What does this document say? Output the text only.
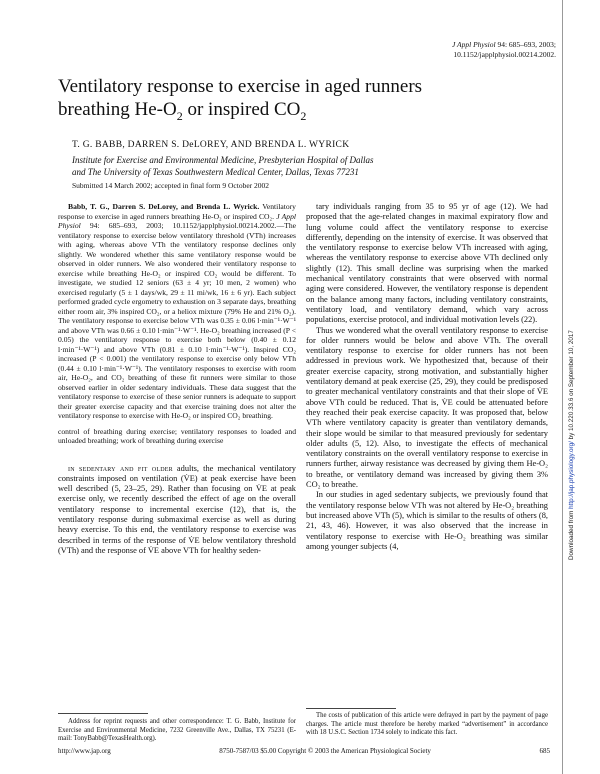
J Appl Physiol 94: 685–693, 2003;
10.1152/japplphysiol.00214.2002.
Ventilatory response to exercise in aged runners
breathing $He-O_2$ or inspired $CO_2$
T. G. BABB, DARREN S. DeLOREY, AND BRENDA L. WYRICK
Institute for Exercise and Environmental Medicine, Presbyterian Hospital of Dallas
and The University of Texas Southwestern Medical Center, Dallas, Texas 77231
Submitted 14 March 2002; accepted in final form 9 October 2002

Babb, T. G., Darren S. DeLorey, and Brenda L. Wyrick. Ventilatory response to exercise in aged runners breathing He-O₂ or inspired CO₂. J Appl Physiol 94: 685–693, 2003; 10.1152/japplphysiol.00214.2002.—The ventilatory response to exercise below ventilatory threshold (VTh) increases with aging, whereas above VTh the ventilatory response declines only slightly. We wondered whether this same ventilatory response would be observed in older runners. We also wondered their ventilatory response to exercise while breathing He-O₂ or inspired CO₂ would be different. To investigate, we studied 12 seniors (63 ± 4 yr; 10 men, 2 women) who exercised regularly (5 ± 1 days/wk, 29 ± 11 mi/wk, 16 ± 6 yr). Each subject performed graded cycle ergometry to exhaustion on 3 separate days, breathing either room air, 3% inspired CO₂, or a heliox mixture (79% He and 21% O₂). The ventilatory response to exercise below VTh was 0.35 ± 0.06 l·min⁻¹·W⁻¹ and above VTh was 0.66 ± 0.10 l·min⁻¹·W⁻¹. He-O₂ breathing increased (P < 0.05) the ventilatory response to exercise both below (0.40 ± 0.12 l·min⁻¹·W⁻¹) and above VTh (0.81 ± 0.10 l·min⁻¹·W⁻¹). Inspired CO₂ increased (P < 0.001) the ventilatory response to exercise only below VTh (0.44 ± 0.10 l·min⁻¹·W⁻¹). The ventilatory responses to exercise with room air, He-O₂, and CO₂ breathing of these fit runners were similar to those observed earlier in older sedentary individuals. These data suggest that the ventilatory response to exercise of these senior runners is adequate to support their greater exercise capacity and that exercise training does not alter the ventilatory response to exercise with He-O₂ or inspired CO₂ breathing.

control of breathing during exercise; ventilatory responses to loaded and unloaded breathing; work of breathing during exercise

in sedentary and fit older adults, the mechanical ventilatory constraints imposed on ventilation (V̇E) at peak exercise have been well described (5, 23–25, 29). Rather than focusing on V̇E at peak exercise only, we recently described the effect of age on the overall ventilatory response to incremental exercise (12), that is, the ventilatory response during submaximal exercise as well as during heavy exercise. To this end, the ventilatory response to exercise was described in terms of the response of V̇E below ventilatory threshold (VTh) and the response of V̇E above VTh for healthy seden-

tary individuals ranging from 35 to 95 yr of age (12). We had proposed that the age-related changes in maximal expiratory flow and lung volume could affect the ventilatory response to exercise differently, depending on the intensity of exercise. It was observed that the ventilatory response to exercise below VTh increased with aging, whereas the ventilatory response to exercise above VTh declined only slightly (12). This small decline was surprising when the marked mechanical ventilatory constraints that were observed with normal aging were considered. However, the ventilatory response is dependent on the balance among many factors, including ventilatory constraints, ventilatory load, and ventilatory demand, which vary across populations, exercise protocol, and individual motivation levels (22).

Thus we wondered what the overall ventilatory response to exercise for older runners would be below and above VTh. The overall ventilatory response to exercise for older runners has not been addressed in previous work. We hypothesized that, because of their greater exercise capacity, strong motivation, and substantially higher ventilatory demand at peak exercise (25, 29), they could be predisposed to greater mechanical ventilatory constraints and that their slope of V̇E above VTh could be reduced. That is, V̇E could be attenuated before they reached their peak exercise capacity. It was proposed that, below VTh where ventilatory capacity is greater than ventilatory demands, their slope would be similar to that measured previously for sedentary older adults (5, 12). Also, to investigate the effects of mechanical ventilatory constraints on the overall ventilatory response to exercise in runners further, airway resistance was decreased by giving them He-O₂ to breathe, or ventilatory demand was increased by giving them 3% CO₂ to breathe.

In our studies in aged sedentary subjects, we previously found that the ventilatory response below VTh was not altered by He-O₂ breathing but increased above VTh (5), which is similar to the results of others (8, 21, 43, 46). However, it was also observed that the increase in ventilatory response to exercise with He-O₂ breathing was similar among younger subjects (4,

Address for reprint requests and other correspondence: T. G. Babb, Institute for Exercise and Environmental Medicine, 7232 Greenville Ave., Dallas, TX 75231 (E-mail: TonyBabb@TexasHealth.org).
The costs of publication of this article were defrayed in part by the payment of page charges. The article must therefore be hereby marked “advertisement” in accordance with 18 U.S.C. Section 1734 solely to indicate this fact.
http://www.jap.org	8750-7587/03 $5.00 Copyright © 2003 the American Physiological Society	685
Downloaded from http://jap.physiology.org/ by 10.220.33.6 on September 10, 2017
